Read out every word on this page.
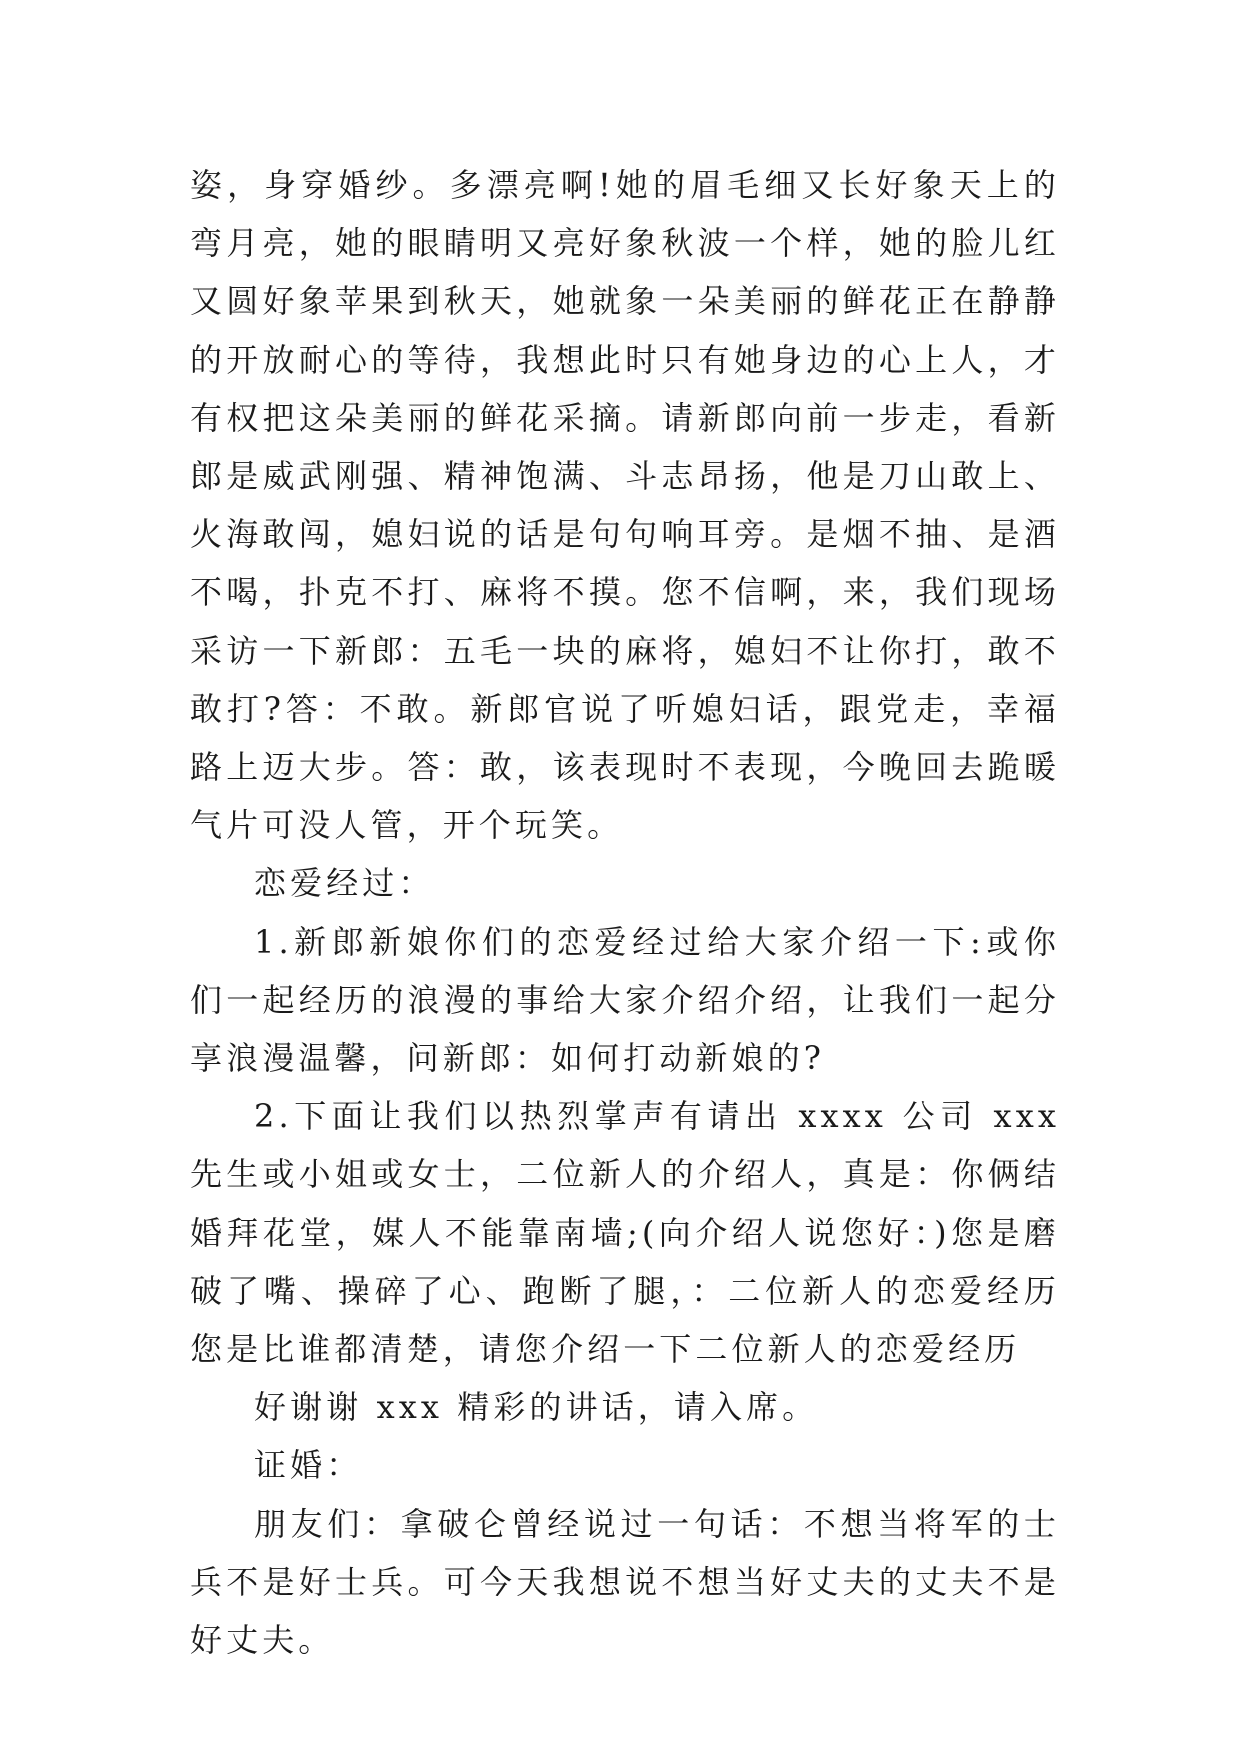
姿，身穿婚纱。多漂亮啊!她的眉毛细又长好象天上的弯月亮，她的眼睛明又亮好象秋波一个样，她的脸儿红又圆好象苹果到秋天，她就象一朵美丽的鲜花正在静静的开放耐心的等待，我想此时只有她身边的心上人，才有权把这朵美丽的鲜花采摘。请新郎向前一步走，看新郎是威武刚强、精神饱满、斗志昂扬，他是刀山敢上、火海敢闯，媳妇说的话是句句响耳旁。是烟不抽、是酒不喝，扑克不打、麻将不摸。您不信啊，来，我们现场采访一下新郎：五毛一块的麻将，媳妇不让你打，敢不敢打?答：不敢。新郎官说了听媳妇话，跟党走，幸福路上迈大步。答：敢，该表现时不表现，今晚回去跪暖气片可没人管，开个玩笑。

恋爱经过：

1.新郎新娘你们的恋爱经过给大家介绍一下:或你们一起经历的浪漫的事给大家介绍介绍，让我们一起分享浪漫温馨，问新郎：如何打动新娘的?

2.下面让我们以热烈掌声有请出 xxxx 公司 xxx 先生或小姐或女士，二位新人的介绍人，真是：你俩结婚拜花堂，媒人不能靠南墙;(向介绍人说您好：)您是磨破了嘴、操碎了心、跑断了腿，：二位新人的恋爱经历您是比谁都清楚，请您介绍一下二位新人的恋爱经历

好谢谢 xxx 精彩的讲话，请入席。

证婚：

朋友们：拿破仑曾经说过一句话：不想当将军的士兵不是好士兵。可今天我想说不想当好丈夫的丈夫不是好丈夫。
